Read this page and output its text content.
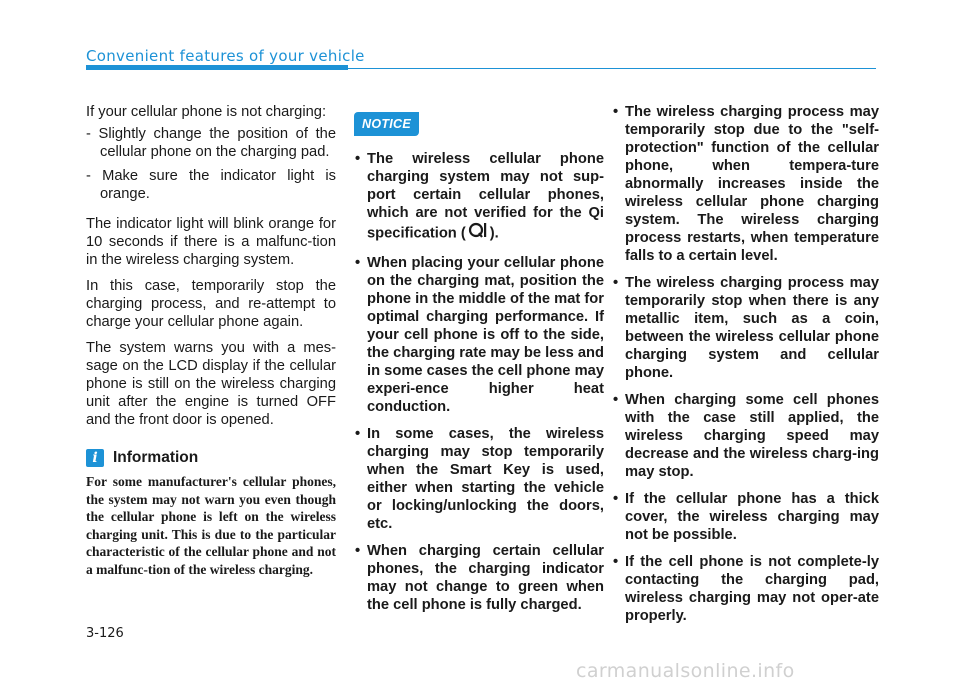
Convenient features of your vehicle

If your cellular phone is not charging:

- Slightly change the position of the cellular phone on the charging pad.
- Make sure the indicator light is orange.

The indicator light will blink orange for 10 seconds if there is a malfunc-tion in the wireless charging system.

In this case, temporarily stop the charging process, and re-attempt to charge your cellular phone again.

The system warns you with a mes-sage on the LCD display if the cellular phone is still on the wireless charging unit after the engine is turned OFF and the front door is opened.

i Information

For some manufacturer's cellular phones, the system may not warn you even though the cellular phone is left on the wireless charging unit. This is due to the particular characteristic of the cellular phone and not a malfunc-tion of the wireless charging.

NOTICE
• The wireless cellular phone charging system may not sup-port certain cellular phones, which are not verified for the Qi specification ( ).
• When placing your cellular phone on the charging mat, position the phone in the middle of the mat for optimal charging performance. If your cell phone is off to the side, the charging rate may be less and in some cases the cell phone may experi-ence higher heat conduction.
• In some cases, the wireless charging may stop temporarily when the Smart Key is used, either when starting the vehicle or locking/unlocking the doors, etc.
• When charging certain cellular phones, the charging indicator may not change to green when the cell phone is fully charged.
• The wireless charging process may temporarily stop due to the "self-protection" function of the cellular phone, when tempera-ture abnormally increases inside the wireless cellular phone charging system. The wireless charging process restarts, when temperature falls to a certain level.
• The wireless charging process may temporarily stop when there is any metallic item, such as a coin, between the wireless cellular phone charging system and cellular phone.
• When charging some cell phones with the case still applied, the wireless charging speed may decrease and the wireless charg-ing may stop.
• If the cellular phone has a thick cover, the wireless charging may not be possible.
• If the cell phone is not complete-ly contacting the charging pad, wireless charging may not oper-ate properly.
3-126
carmanualsonline.info
